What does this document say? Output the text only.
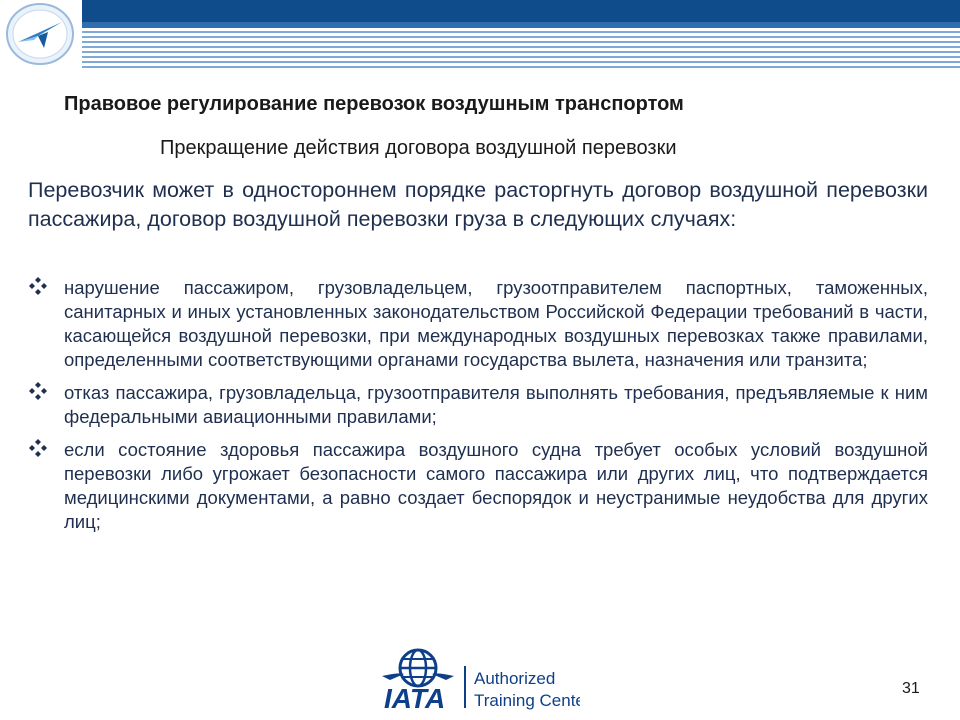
Правовое регулирование перевозок воздушным транспортом
Прекращение действия договора воздушной перевозки
Перевозчик может в одностороннем порядке расторгнуть договор воздушной перевозки пассажира, договор воздушной перевозки груза в следующих случаях:
нарушение пассажиром, грузовладельцем, грузоотправителем паспортных, таможенных, санитарных и иных установленных законодательством Российской Федерации требований в части, касающейся воздушной перевозки, при международных воздушных перевозках также правилами, определенными соответствующими органами государства вылета, назначения или транзита;
отказ пассажира, грузовладельца, грузоотправителя выполнять требования, предъявляемые к ним федеральными авиационными правилами;
если состояние здоровья пассажира воздушного судна требует особых условий воздушной перевозки либо угрожает безопасности самого пассажира или других лиц, что подтверждается медицинскими документами, а равно создает беспорядок и неустранимые неудобства для других лиц;
IATA
Authorized
Training Center
31
